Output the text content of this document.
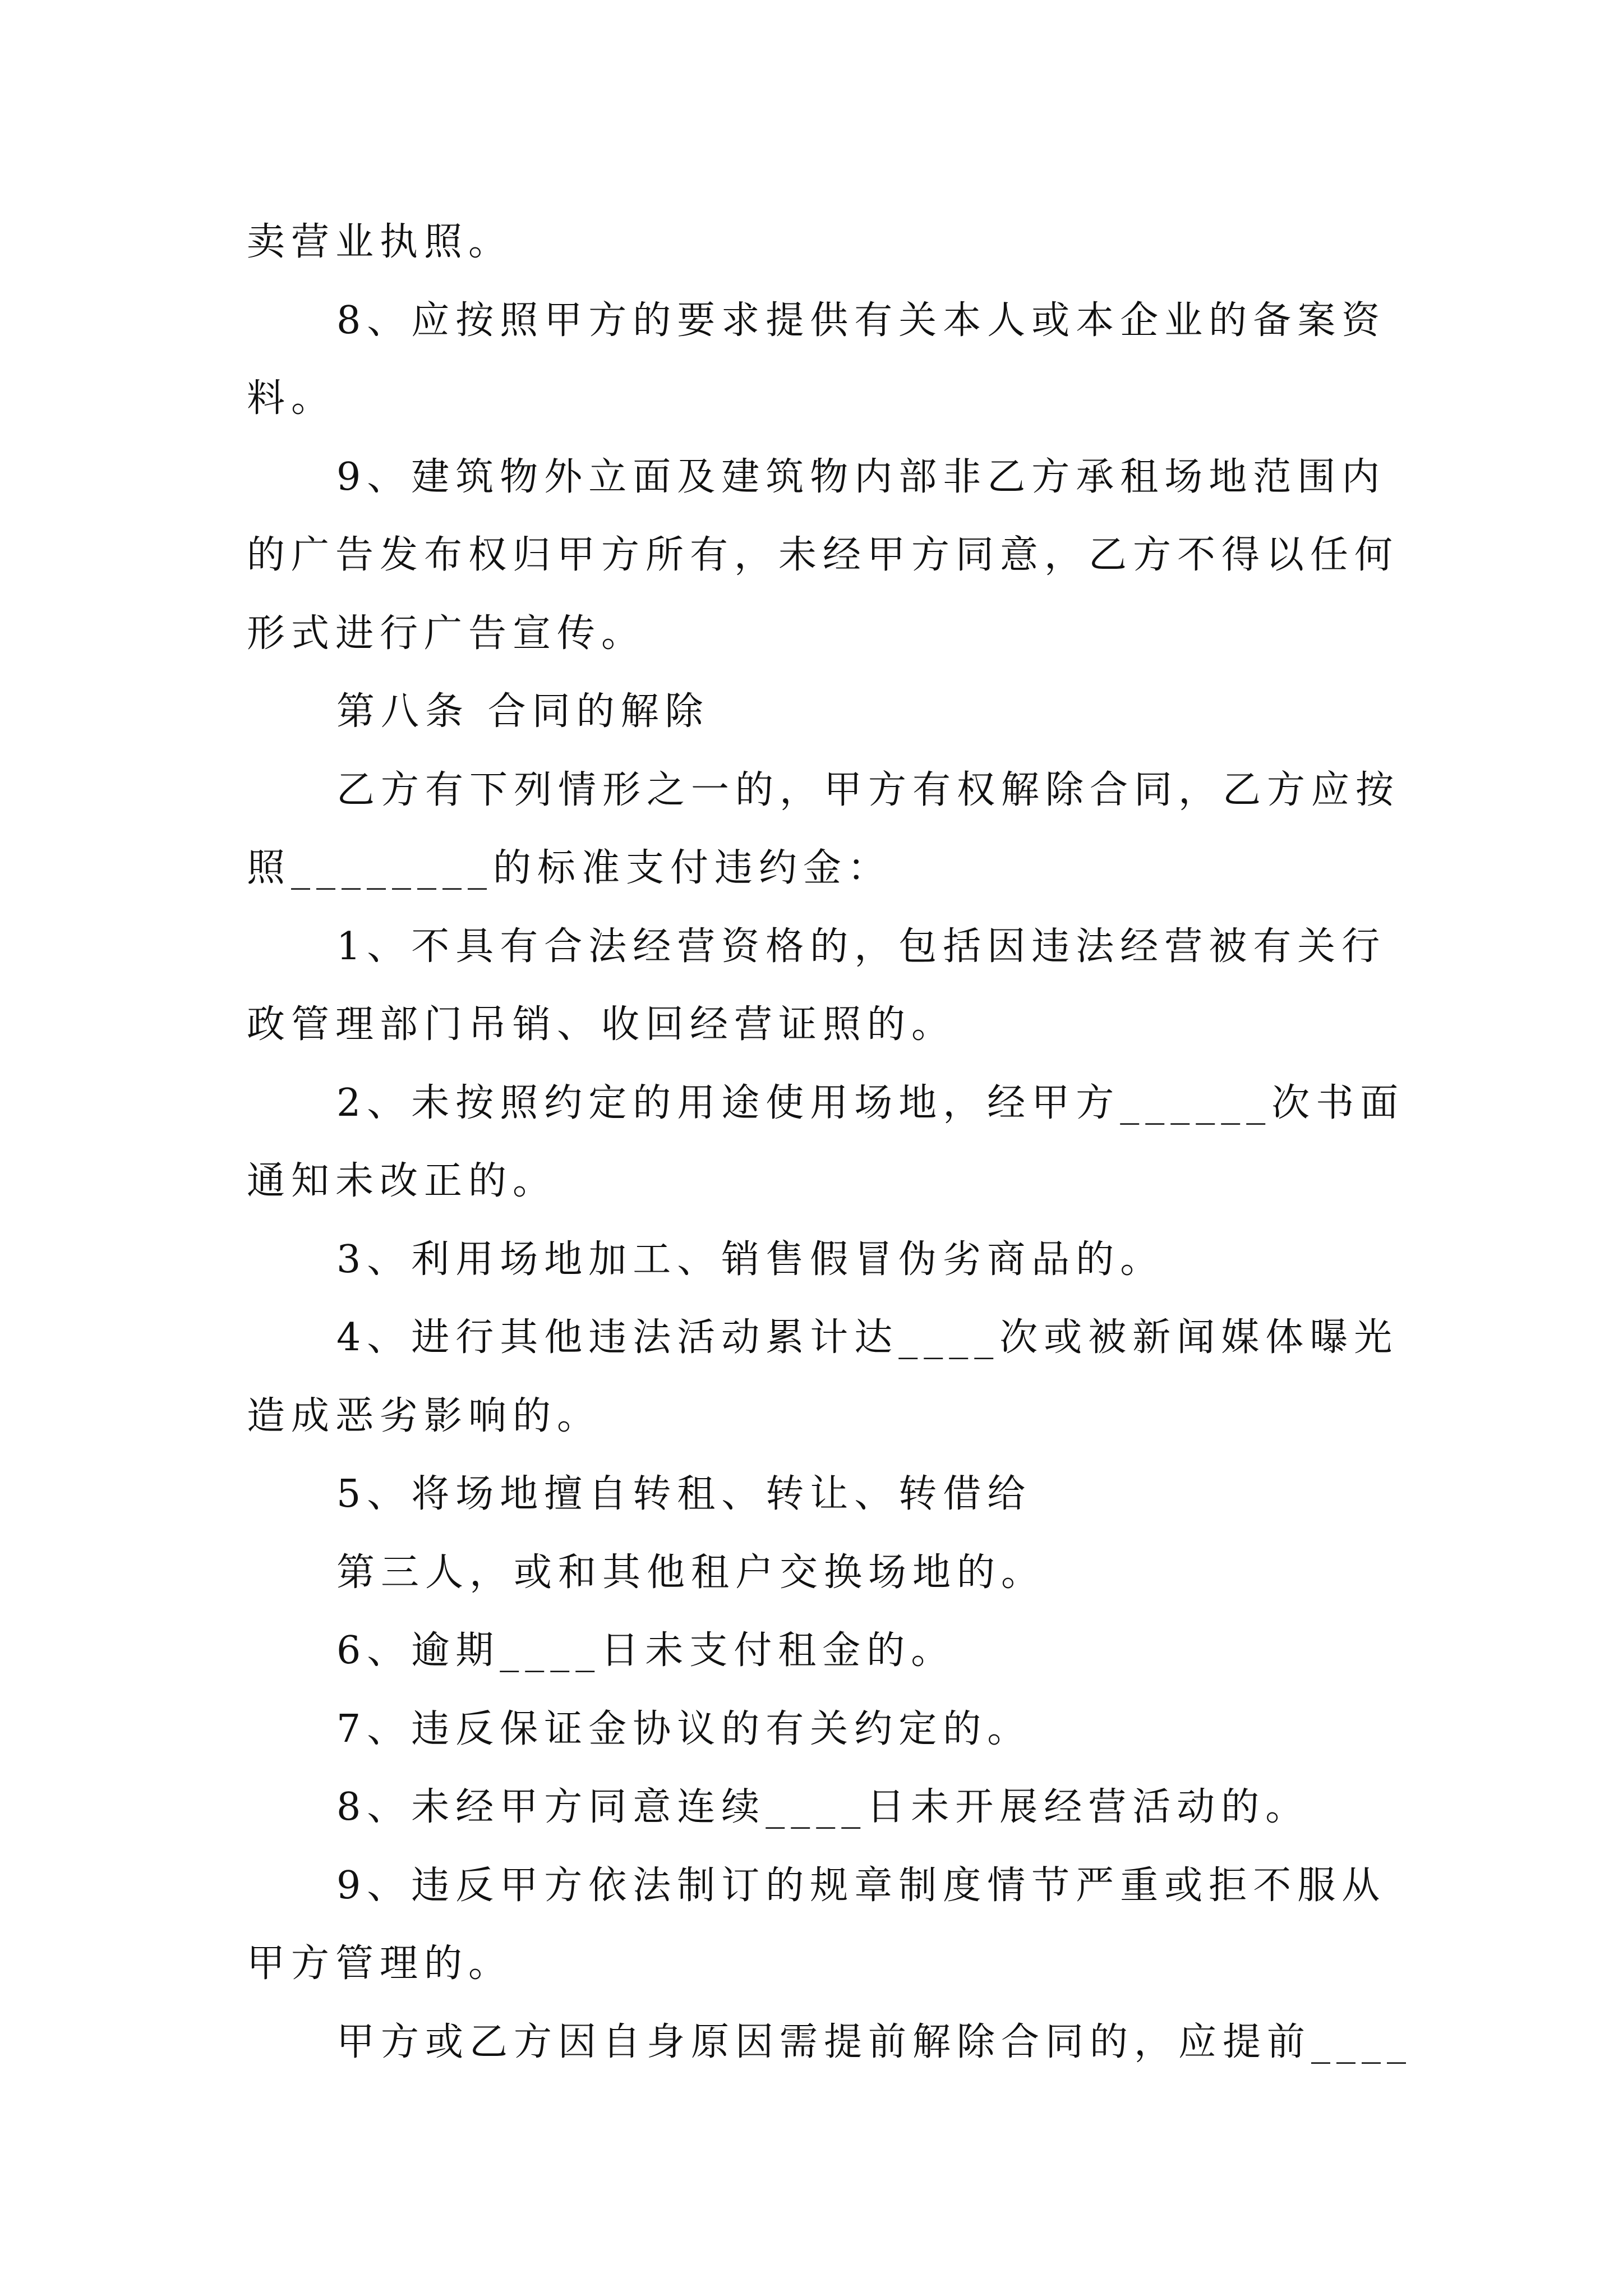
卖营业执照。
8、应按照甲方的要求提供有关本人或本企业的备案资
料。
9、建筑物外立面及建筑物内部非乙方承租场地范围内
的广告发布权归甲方所有，未经甲方同意，乙方不得以任何
形式进行广告宣传。
第八条 合同的解除
乙方有下列情形之一的，甲方有权解除合同，乙方应按
照________的标准支付违约金：
1、不具有合法经营资格的，包括因违法经营被有关行
政管理部门吊销、收回经营证照的。
2、未按照约定的用途使用场地，经甲方______次书面
通知未改正的。
3、利用场地加工、销售假冒伪劣商品的。
4、进行其他违法活动累计达____次或被新闻媒体曝光
造成恶劣影响的。
5、将场地擅自转租、转让、转借给
第三人，或和其他租户交换场地的。
6、逾期____日未支付租金的。
7、违反保证金协议的有关约定的。
8、未经甲方同意连续____日未开展经营活动的。
9、违反甲方依法制订的规章制度情节严重或拒不服从
甲方管理的。
甲方或乙方因自身原因需提前解除合同的，应提前____
